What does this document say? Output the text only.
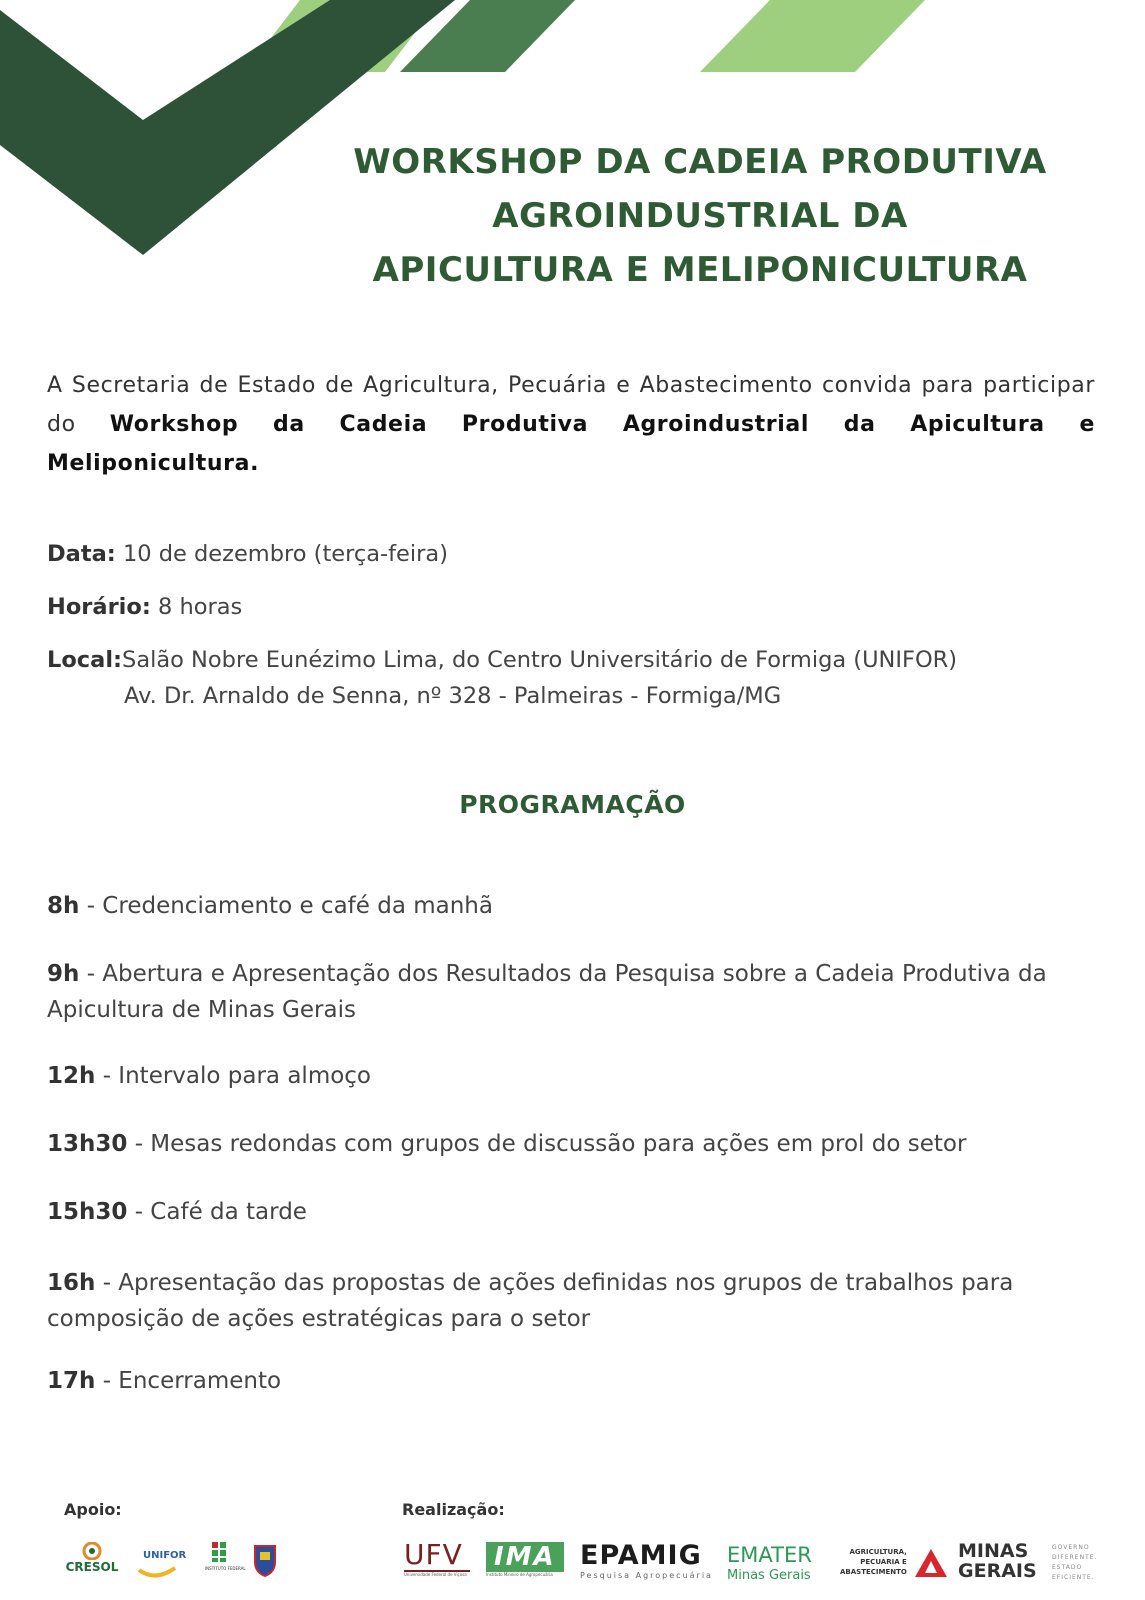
WORKSHOP DA CADEIA PRODUTIVA
AGROINDUSTRIAL DA
APICULTURA E MELIPONICULTURA
A Secretaria de Estado de Agricultura, Pecuária e Abastecimento convida para participar do Workshop da Cadeia Produtiva Agroindustrial da Apicultura e Meliponicultura.
Data: 10 de dezembro (terça-feira)
Horário: 8 horas
Local:Salão Nobre Eunézimo Lima, do Centro Universitário de Formiga (UNIFOR)
Av. Dr. Arnaldo de Senna, nº 328 - Palmeiras - Formiga/MG
PROGRAMAÇÃO
8h - Credenciamento e café da manhã
9h - Abertura e Apresentação dos Resultados da Pesquisa sobre a Cadeia Produtiva da Apicultura de Minas Gerais
12h - Intervalo para almoço
13h30 - Mesas redondas com grupos de discussão para ações em prol do setor
15h30 - Café da tarde
16h - Apresentação das propostas de ações definidas nos grupos de trabalhos para composição de ações estratégicas para o setor
17h - Encerramento
Apoio:	Realização:
CRESOL
UNIFOR
INSTITUTO FEDERAL	UFV
Universidade Federal de Viçosa
IMA
Instituto Mineiro de Agropecuária
EPAMIG
Pesquisa Agropecuária
EMATER
Minas Gerais
AGRICULTURA,
PECUÁRIA E
ABASTECIMENTO
MINAS
GERAIS
GOVERNO
DIFERENTE.
ESTADO
EFICIENTE.
